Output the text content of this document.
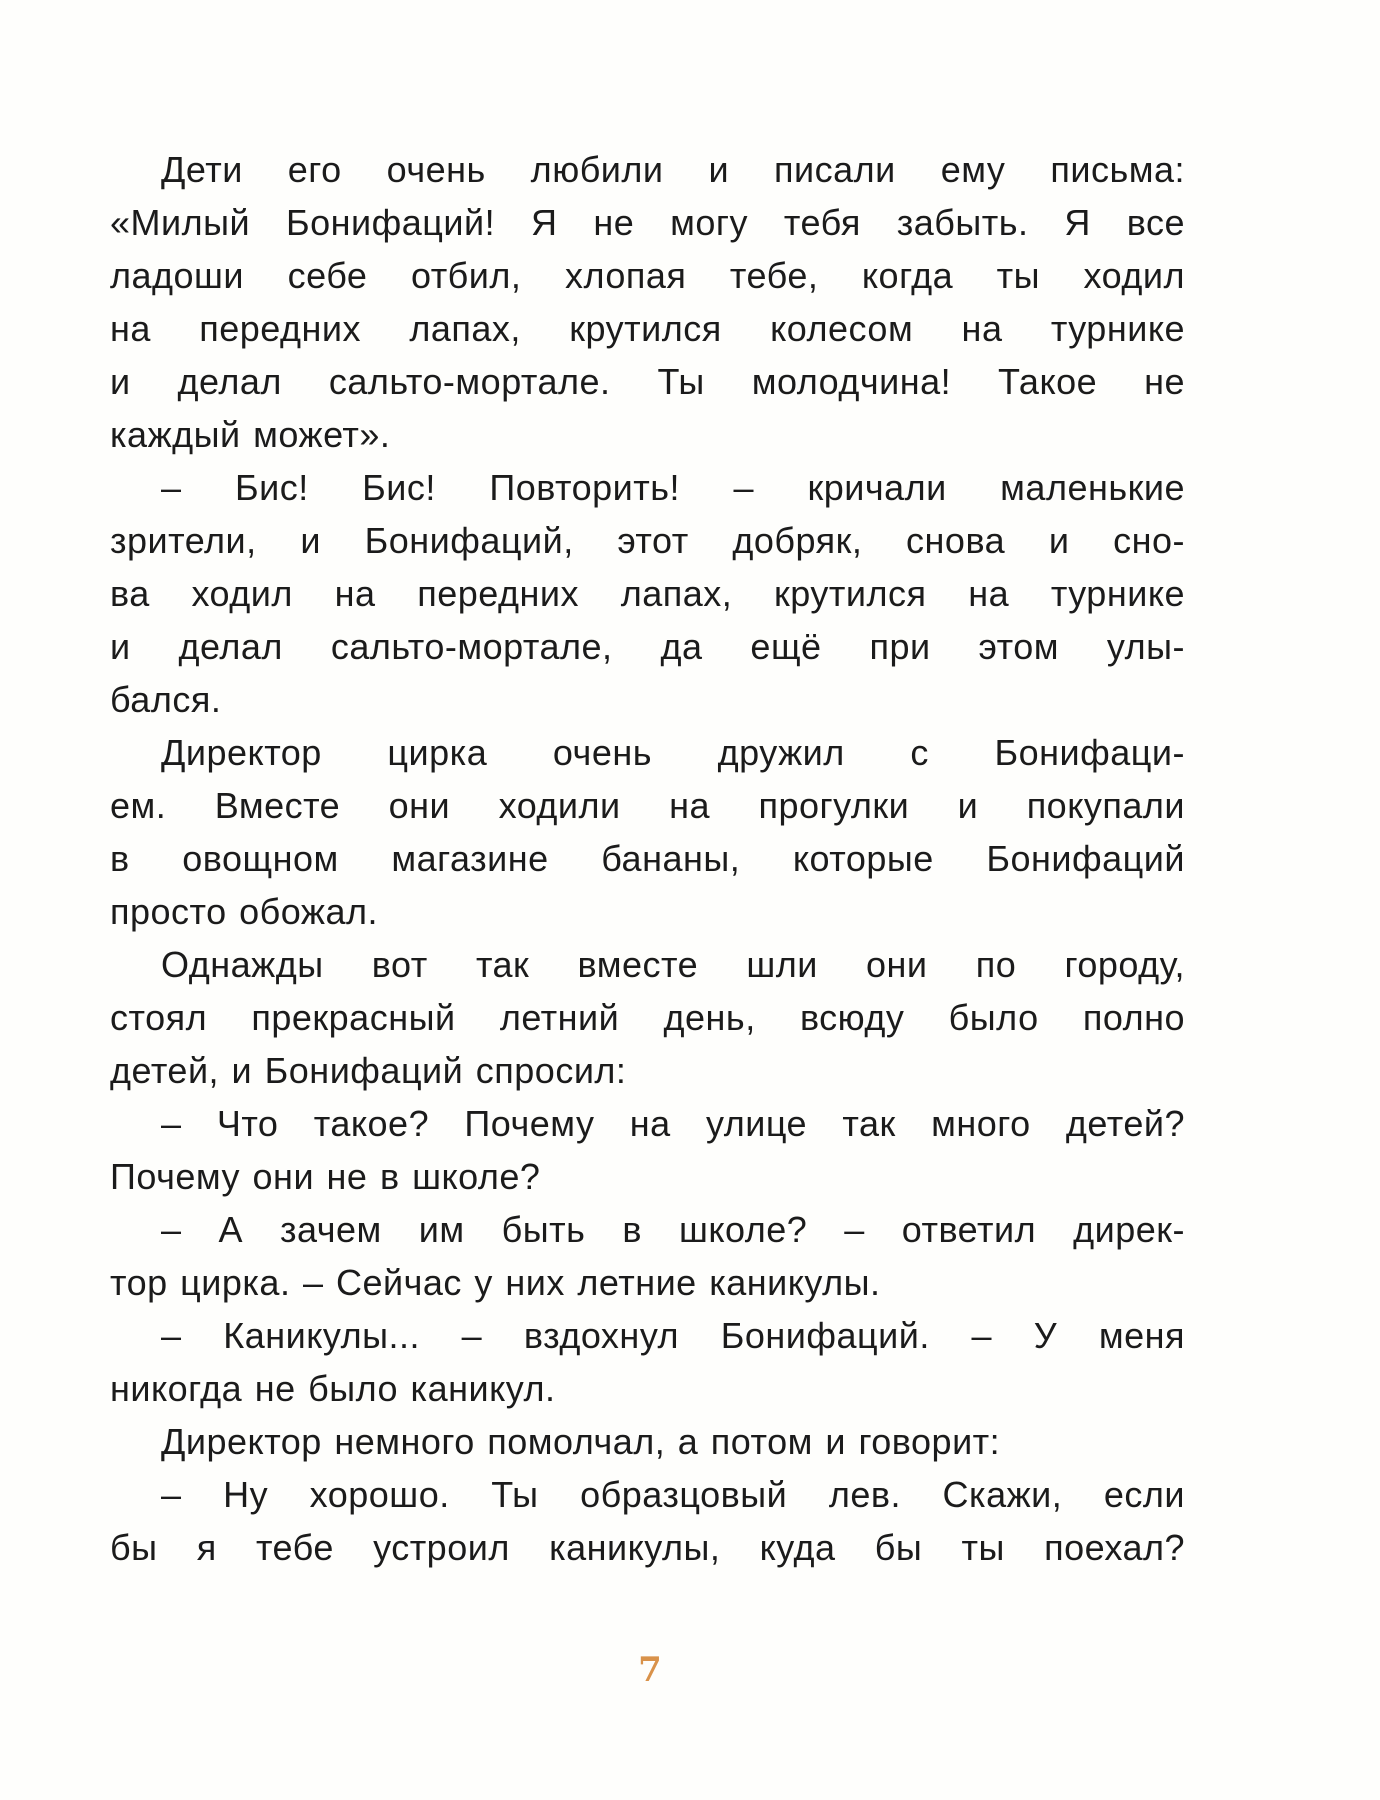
Дети его очень любили и писали ему письма:
«Милый Бонифаций! Я не могу тебя забыть. Я все
ладоши себе отбил, хлопая тебе, когда ты ходил
на передних лапах, крутился колесом на турнике
и делал сальто-мортале. Ты молодчина! Такое не
каждый может».
– Бис! Бис! Повторить! – кричали маленькие
зрители, и Бонифаций, этот добряк, снова и сно-
ва ходил на передних лапах, крутился на турнике
и делал сальто-мортале, да ещё при этом улы-
бался.
Директор цирка очень дружил с Бонифаци-
ем. Вместе они ходили на прогулки и покупали
в овощном магазине бананы, которые Бонифаций
просто обожал.
Однажды вот так вместе шли они по городу,
стоял прекрасный летний день, всюду было полно
детей, и Бонифаций спросил:
– Что такое? Почему на улице так много детей?
Почему они не в школе?
– А зачем им быть в школе? – ответил дирек-
тор цирка. – Сейчас у них летние каникулы.
– Каникулы... – вздохнул Бонифаций. – У меня
никогда не было каникул.
Директор немного помолчал, а потом и говорит:
– Ну хорошо. Ты образцовый лев. Скажи, если
бы я тебе устроил каникулы, куда бы ты поехал?
7
